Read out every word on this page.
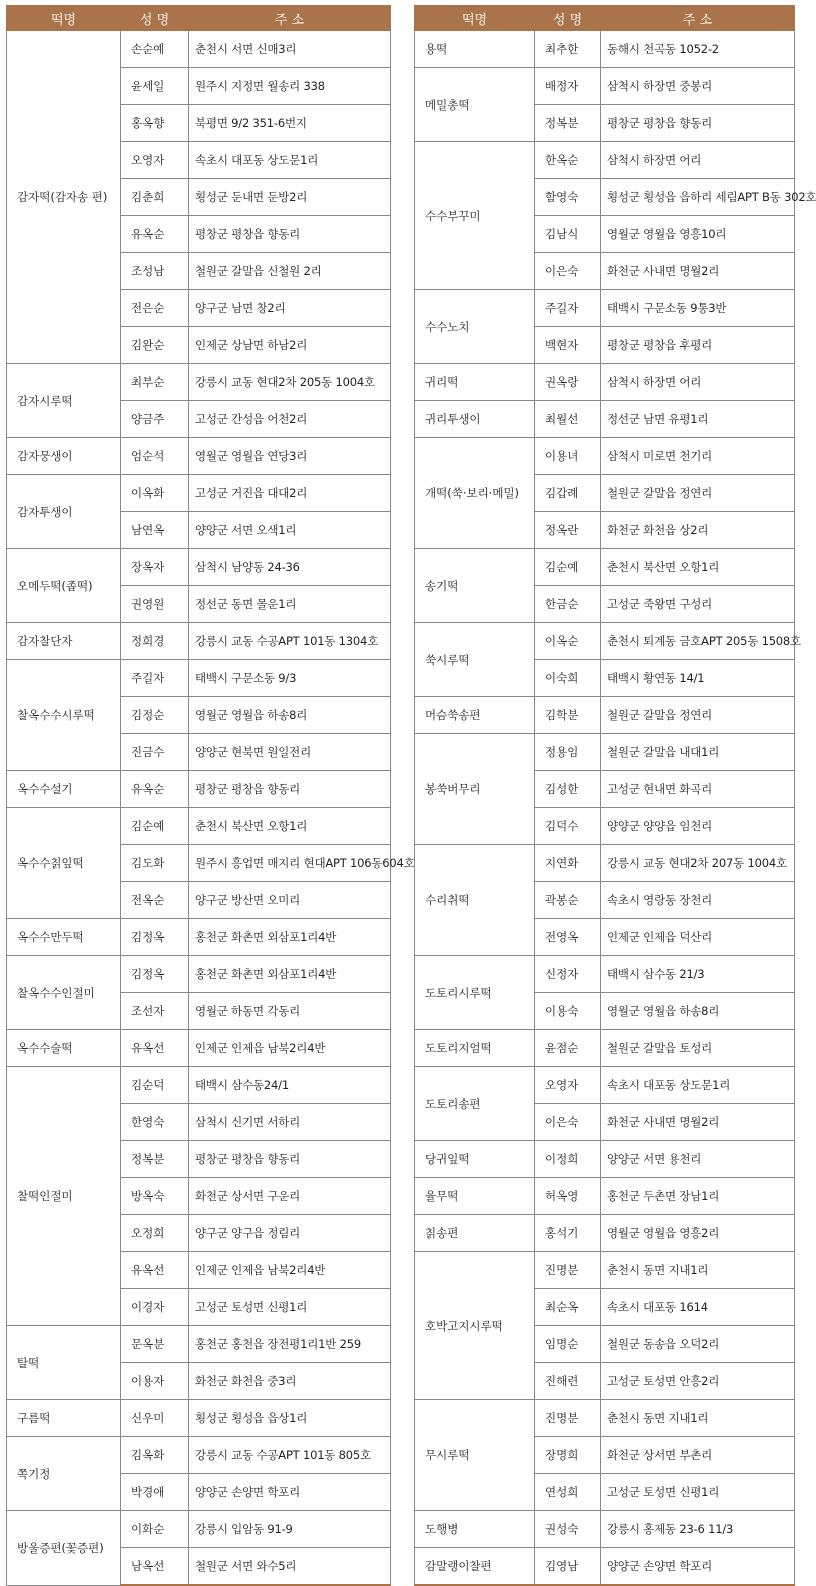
떡명	성 명	주 소
감자떡(감자송 편)	손순예	춘천시 서면 신매3리
	윤세일	원주시 지정면 월송리 338
	홍옥향	북평면 9/2 351-6번지
	오영자	속초시 대포동 상도문1리
	김춘희	횡성군 둔내면 둔방2리
	유옥순	평창군 평창읍 향동리
	조성남	철원군 갈말읍 신철원 2리
	전은순	양구군 남면 창2리
	김완순	인제군 상남면 하남2리
감자시루떡	최부순	강릉시 교동 현대2차 205동 1004호
	양금주	고성군 간성읍 어천2리
감자뭉생이	엄순석	영월군 영월읍 연당3리
감자투생이	이옥화	고성군 거진읍 대대2리
	남연옥	양양군 서면 오색1리
오메두떡(좁떡)	장옥자	삼척시 남양동 24-36
	권영원	정선군 동면 몰운1리
감자찰단자	정희경	강릉시 교동 수공APT 101동 1304호
찰옥수수시루떡	주길자	태백시 구문소동 9/3
	김정순	영월군 영월읍 하송8리
	진금수	양양군 현북면 원일전리
옥수수설기	유옥순	평창군 평창읍 향동리
옥수수칡잎떡	김순예	춘천시 북산면 오항1리
	김도화	원주시 흥업면 매지리 현대APT 106동604호
	전옥순	양구군 방산면 오미리
옥수수만두떡	김정옥	홍천군 화촌면 외삼포1리4반
찰옥수수인절미	김정옥	홍천군 화촌면 외삼포1리4반
	조선자	영월군 하동면 각동리
옥수수술떡	유옥선	인제군 인제읍 남북2리4반
찰떡인절미	김순덕	태백시 삼수동24/1
	한영숙	삼척시 신기면 서하리
	정복분	평창군 평창읍 향동리
	방옥숙	화천군 상서면 구운리
	오정희	양구군 양구읍 정림리
	유옥선	인제군 인제읍 남북2리4반
	이경자	고성군 토성면 신평1리
탈떡	문옥분	홍천군 홍천읍 장전평1리1반 259
	이용자	화천군 화천읍 중3리
구름떡	신우미	횡성군 횡성읍 읍상1리
쪽기정	김옥화	강릉시 교동 수공APT 101동 805호
	박경애	양양군 손양면 학포리
방울증편(꽃증편)	이화순	강릉시 입암동 91-9
	남옥선	철원군 서면 와수5리
떡명	성 명	주 소
용떡	최추한	동해시 천곡동 1052-2
메밀총떡	배정자	삼척시 하장면 중봉리
	정복분	평창군 평창읍 향동리
수수부꾸미	한옥순	삼척시 하장면 어리
	함영숙	횡성군 횡성읍 읍하리 세림APT B동 302호
	김남식	영월군 영월읍 영흥10리
	이은숙	화천군 사내면 명월2리
수수노치	주길자	태백시 구문소동 9통3반
	백현자	평창군 평창읍 후평리
귀리떡	권옥랑	삼척시 하장면 어리
귀리투생이	최월선	정선군 남면 유평1리
개떡(쑥·보리·메밀)	이용녀	삼척시 미로면 천기리
	김갑례	철원군 갈말읍 정연리
	정옥란	화천군 화천읍 상2리
송기떡	김순예	춘천시 북산면 오항1리
	한금순	고성군 죽왕면 구성리
쑥시루떡	이옥순	춘천시 퇴계동 금호APT 205동 1508호
	이숙희	태백시 황연동 14/1
머슴쑥송편	김학분	철원군 갈말읍 정연리
봉쑥버무리	정용임	철원군 갈말읍 내대1리
	김성한	고성군 현내면 화곡리
	김덕수	양양군 양양읍 임천리
수리취떡	지연화	강릉시 교동 현대2차 207동 1004호
	곽봉순	속초시 영랑동 장천리
	전영옥	인제군 인제읍 덕산리
도토리시루떡	신정자	태백시 삼수동 21/3
	이용숙	영월군 영월읍 하송8리
도토리지엄떡	윤점순	철원군 갈말읍 토성리
도토리송편	오영자	속초시 대포동 상도문1리
	이은숙	화천군 사내면 명월2리
당귀잎떡	이정희	양양군 서면 용천리
율무떡	허옥영	홍천군 두촌면 장남1리
칡송편	홍석기	영월군 영월읍 영흥2리
호박고지시루떡	진명분	춘천시 동면 지내1리
	최순옥	속초시 대포동 1614
	임명순	철원군 동송읍 오덕2리
	진해련	고성군 토성면 안흥2리
무시루떡	진명분	춘천시 동면 지내1리
	장명희	화천군 상서면 부촌리
	연성희	고성군 토성면 신평1리
도행병	권성숙	강릉시 홍제동 23-6 11/3
감말랭이찰편	김영남	양양군 손양면 학포리
